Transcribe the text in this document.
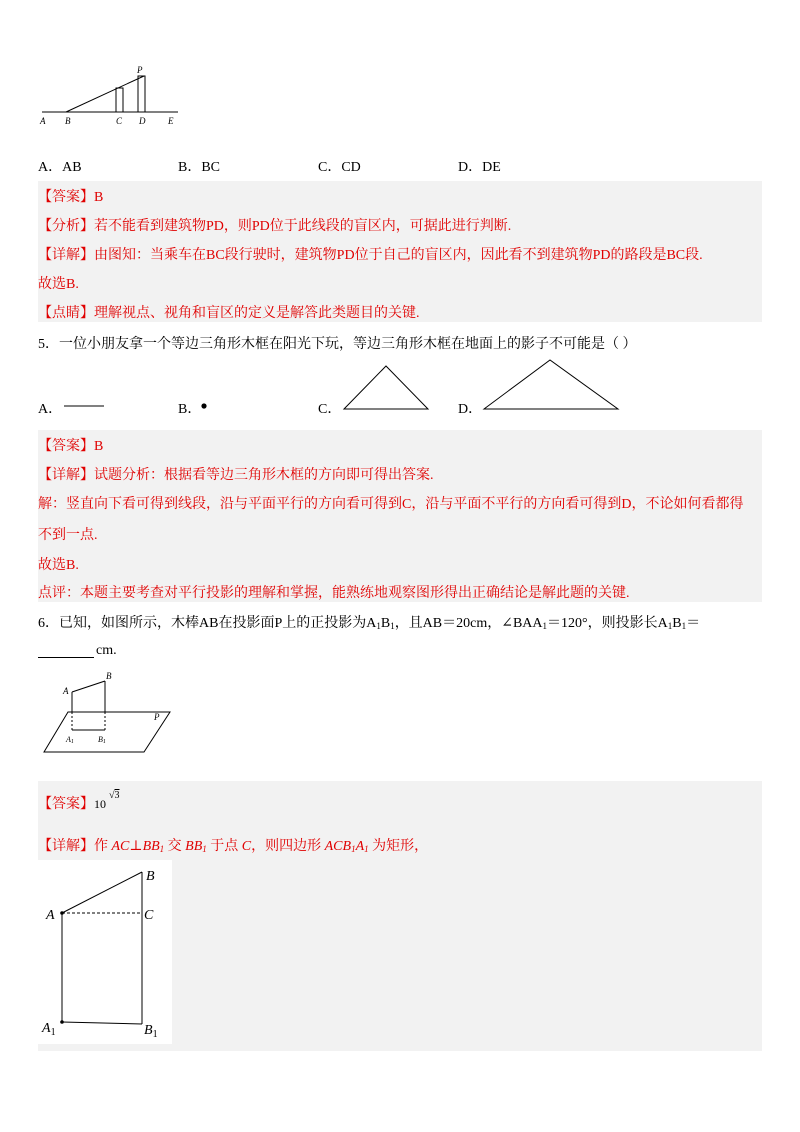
A B	C D	E
P
A．AB	B．BC	C．CD	D．DE
【答案】B
【分析】若不能看到建筑物PD，则PD位于此线段的盲区内，可据此进行判断.
【详解】由图知：当乘车在BC段行驶时，建筑物PD位于自己的盲区内，因此看不到建筑物PD的路段是BC段.
故选B.
【点睛】理解视点、视角和盲区的定义是解答此类题目的关键.
5．一位小朋友拿一个等边三角形木框在阳光下玩，等边三角形木框在地面上的影子不可能是（ ）
A．	B．	C．	D．
【答案】B
【详解】试题分析：根据看等边三角形木框的方向即可得出答案.
解：竖直向下看可得到线段，沿与平面平行的方向看可得到C，沿与平面不平行的方向看可得到D，不论如何看都得
不到一点.
故选B.
点评：本题主要考查对平行投影的理解和掌握，能熟练地观察图形得出正确结论是解此题的关键.
6．已知，如图所示，木棒AB在投影面P上的正投影为$A_1B_1$，且AB＝20cm，$\angle BAA_1=120^\circ$，则投影长$A_1B_1=$
cm.
A
B
P
A1	B1
【答案】$10^{√3}$
【详解】作 $AC\perp BB_1$ 交 $BB_1$ 于点 C，则四边形 $ACB_1A_1$ 为矩形，
A
B
C
$A_1$	$B_1$
